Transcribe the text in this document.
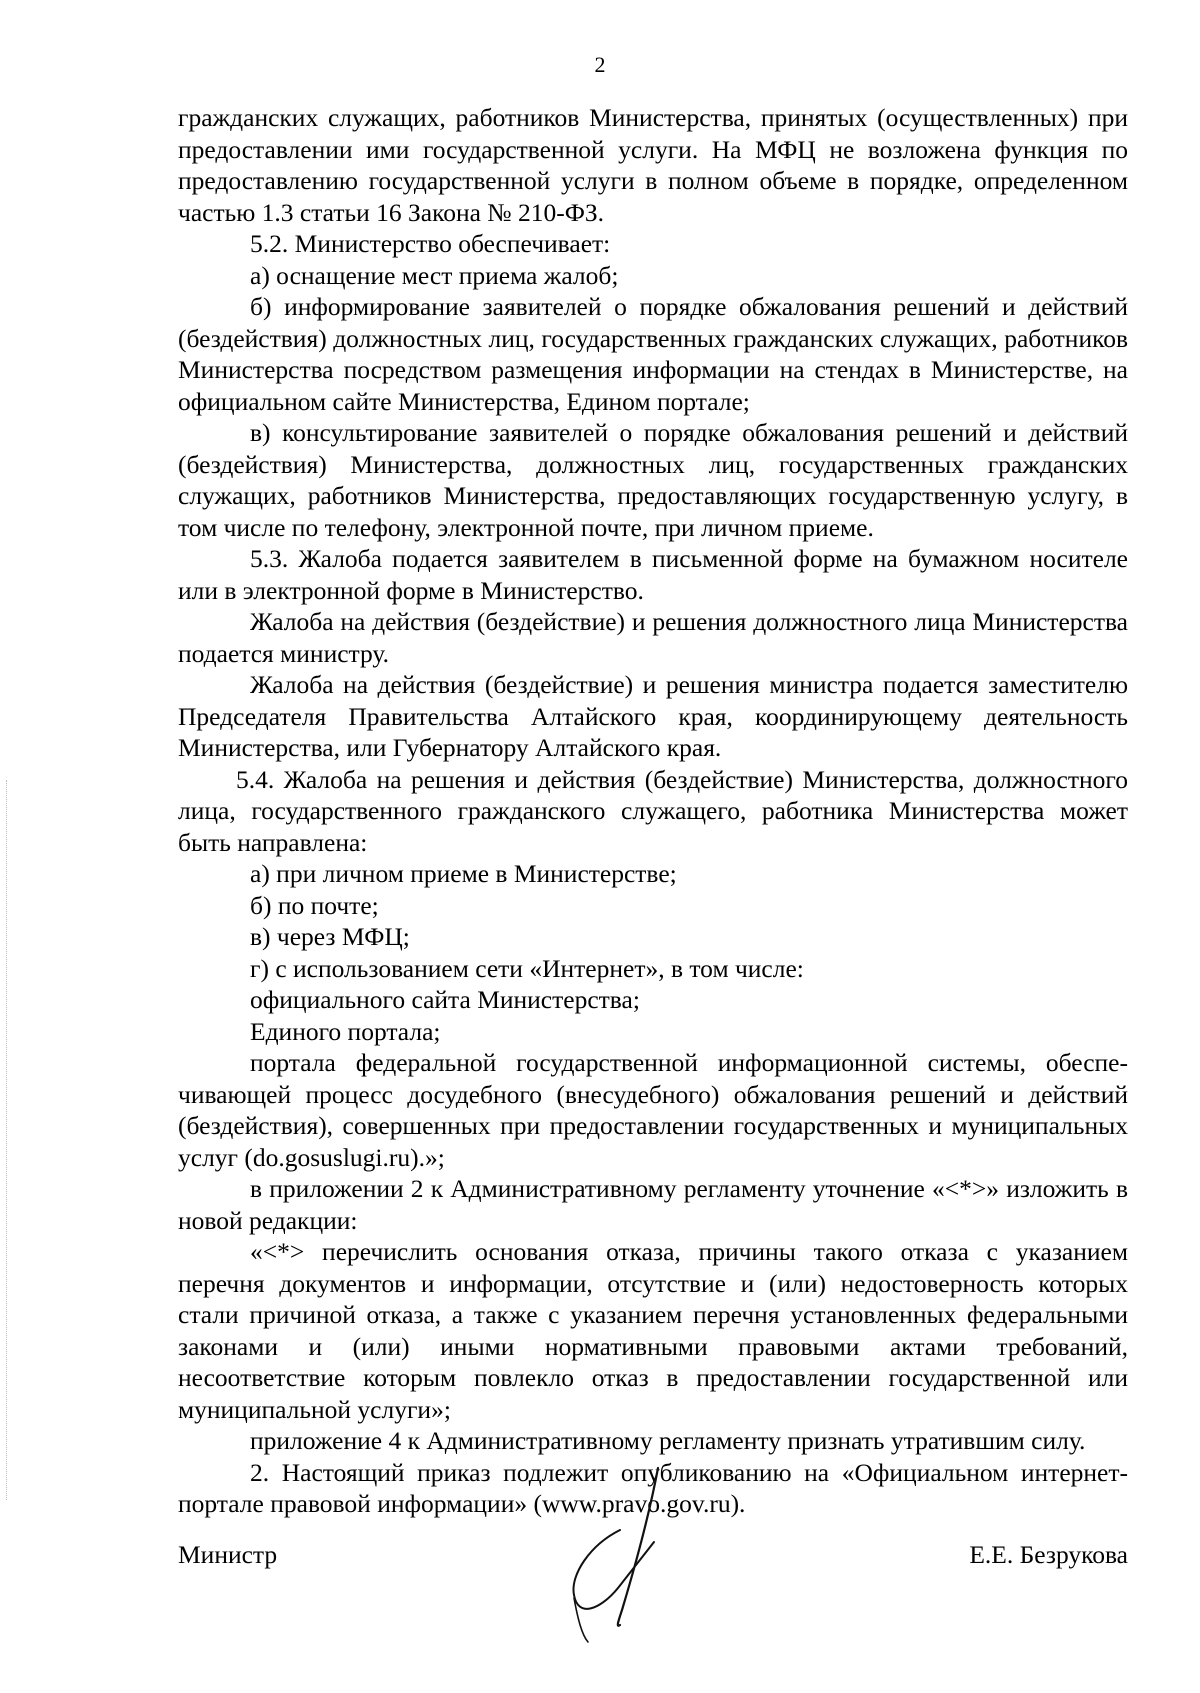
2

гражданских служащих, работников Министерства, принятых (осуществленных) при предоставлении ими государственной услуги. На МФЦ не возложена функция по предоставлению государственной услуги в полном объеме в порядке, определенном частью 1.3 статьи 16 Закона № 210-ФЗ.

5.2. Министерство обеспечивает:

а) оснащение мест приема жалоб;

б) информирование заявителей о порядке обжалования решений и действий (бездействия) должностных лиц, государственных гражданских служащих, работников Министерства посредством размещения информации на стендах в Министерстве, на официальном сайте Министерства, Едином портале;

в) консультирование заявителей о порядке обжалования решений и действий (бездействия) Министерства, должностных лиц, государственных гражданских служащих, работников Министерства, предоставляющих государственную услугу, в том числе по телефону, электронной почте, при личном приеме.

5.3. Жалоба подается заявителем в письменной форме на бумажном носителе или в электронной форме в Министерство.

Жалоба на действия (бездействие) и решения должностного лица Министерства подается министру.

Жалоба на действия (бездействие) и решения министра подается заместителю Председателя Правительства Алтайского края, координирующему деятельность Министерства, или Губернатору Алтайского края.

5.4. Жалоба на решения и действия (бездействие) Министерства, должностного лица, государственного гражданского служащего, работника Министерства может быть направлена:

а) при личном приеме в Министерстве;

б) по почте;

в) через МФЦ;

г) с использованием сети «Интернет», в том числе:

официального сайта Министерства;

Единого портала;

портала федеральной государственной информационной системы, обеспечивающей процесс досудебного (внесудебного) обжалования решений и действий (бездействия), совершенных при предоставлении государственных и муниципальных услуг (do.gosuslugi.ru).»;

в приложении 2 к Административному регламенту уточнение «<*>» изложить в новой редакции:

«<*> перечислить основания отказа, причины такого отказа с указанием перечня документов и информации, отсутствие и (или) недостоверность которых стали причиной отказа, а также с указанием перечня установленных федеральными законами и (или) иными нормативными правовыми актами требований, несоответствие которым повлекло отказ в предоставлении государственной или муниципальной услуги»;

приложение 4 к Административному регламенту признать утратившим силу.

2. Настоящий приказ подлежит опубликованию на «Официальном интернет-портале правовой информации» (www.pravo.gov.ru).

Министр	Е.Е. Безрукова
